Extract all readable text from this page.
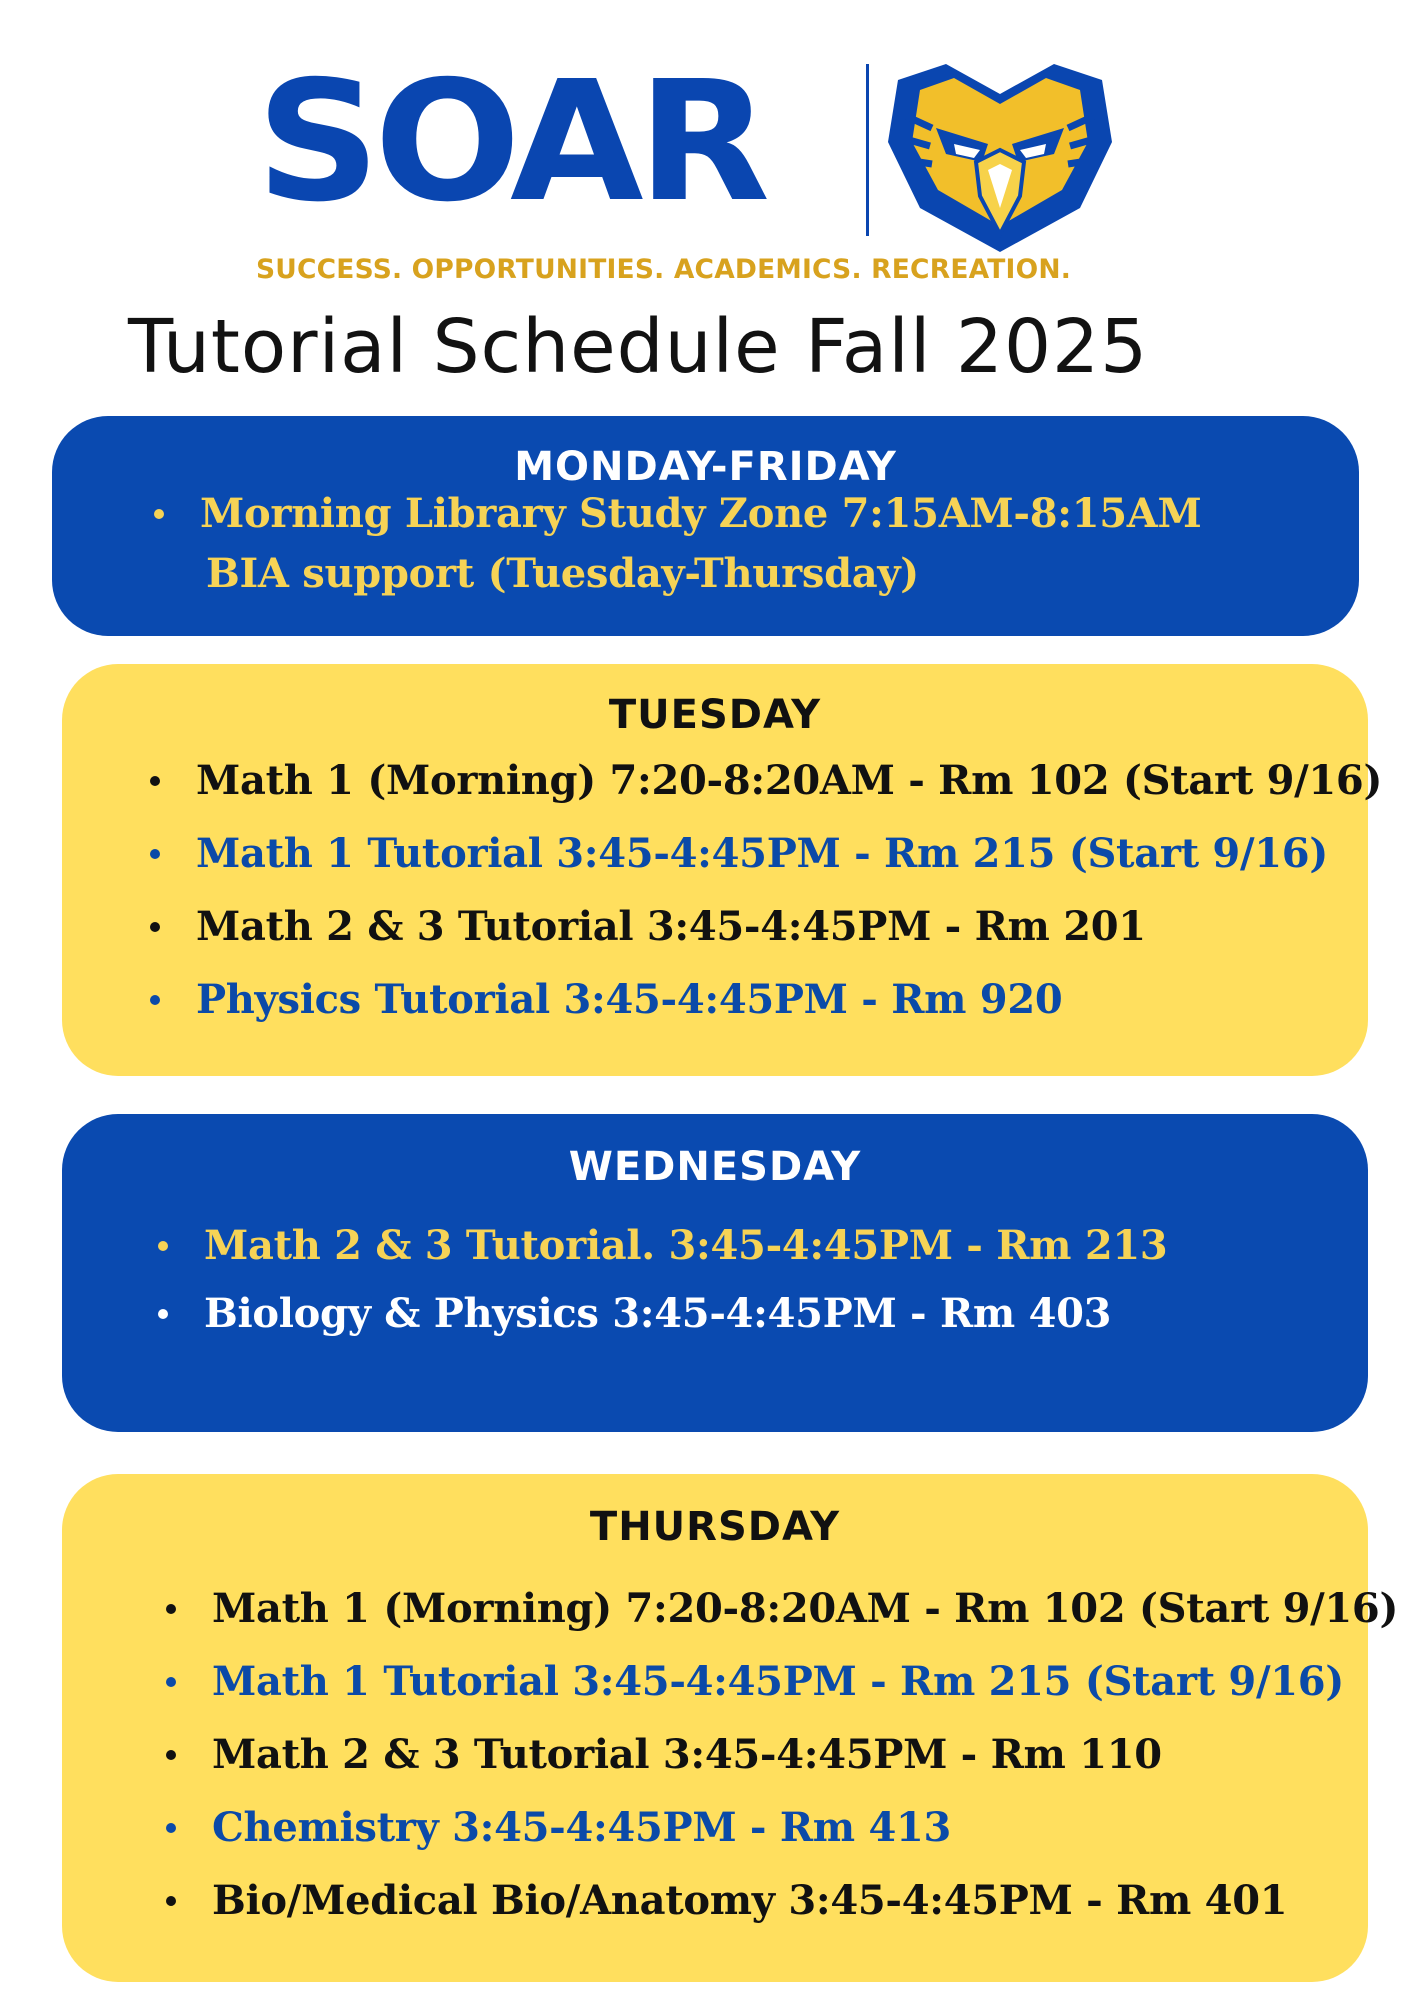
SOAR
SUCCESS. OPPORTUNITIES. ACADEMICS. RECREATION.
Tutorial Schedule Fall 2025
MONDAY-FRIDAY
Morning Library Study Zone 7:15AM-8:15AM
BIA support (Tuesday-Thursday)
TUESDAY
Math 1 (Morning) 7:20-8:20AM - Rm 102 (Start 9/16)
Math 1 Tutorial 3:45-4:45PM - Rm 215 (Start 9/16)
Math 2 & 3 Tutorial 3:45-4:45PM - Rm 201
Physics Tutorial 3:45-4:45PM - Rm 920
WEDNESDAY
Math 2 & 3 Tutorial. 3:45-4:45PM - Rm 213
Biology & Physics 3:45-4:45PM - Rm 403
THURSDAY
Math 1 (Morning) 7:20-8:20AM - Rm 102 (Start 9/16)
Math 1 Tutorial 3:45-4:45PM - Rm 215 (Start 9/16)
Math 2 & 3 Tutorial 3:45-4:45PM - Rm 110
Chemistry 3:45-4:45PM - Rm 413
Bio/Medical Bio/Anatomy 3:45-4:45PM - Rm 401
